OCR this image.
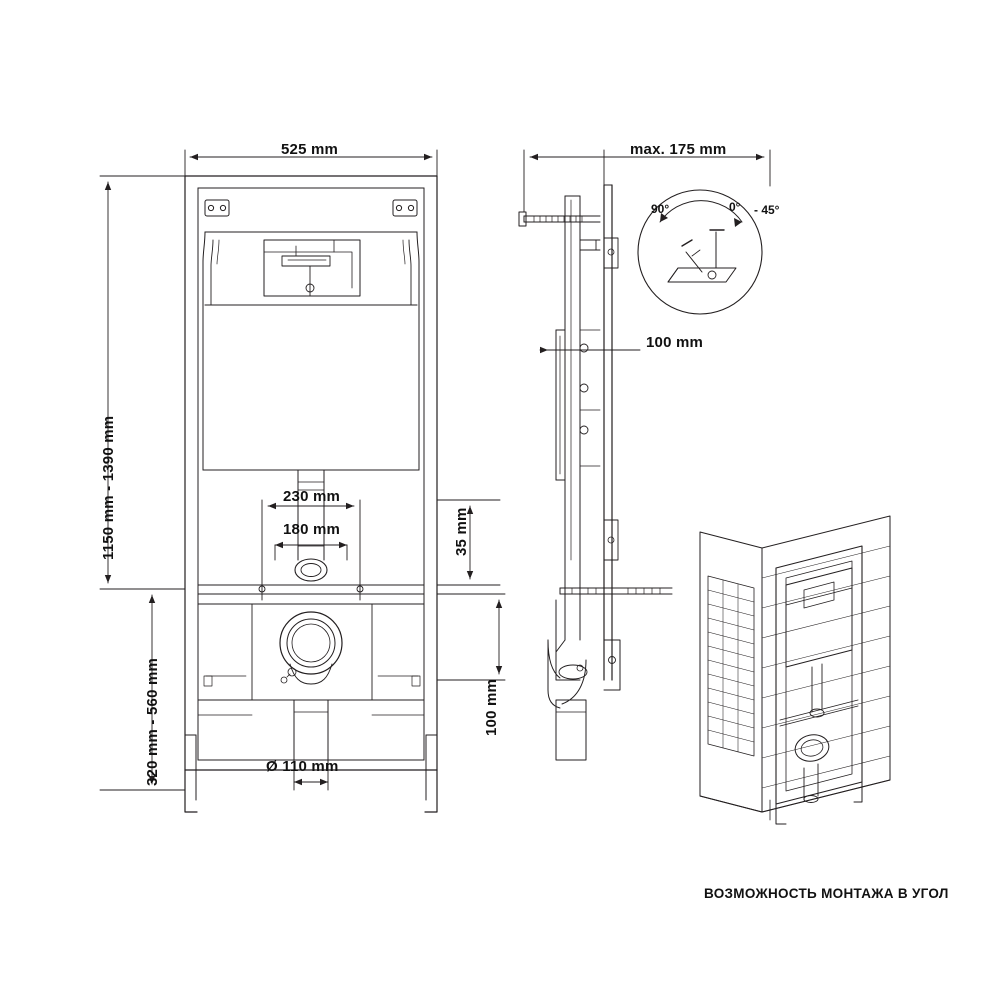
525 mm
1150 mm - 1390 mm
320 mm - 560 mm
230 mm
180 mm	35 mm
100 mm
Ø 110 mm
max. 175 mm
100 mm
90°	0° - 45°
ВОЗМОЖНОСТЬ МОНТАЖА В УГОЛ
